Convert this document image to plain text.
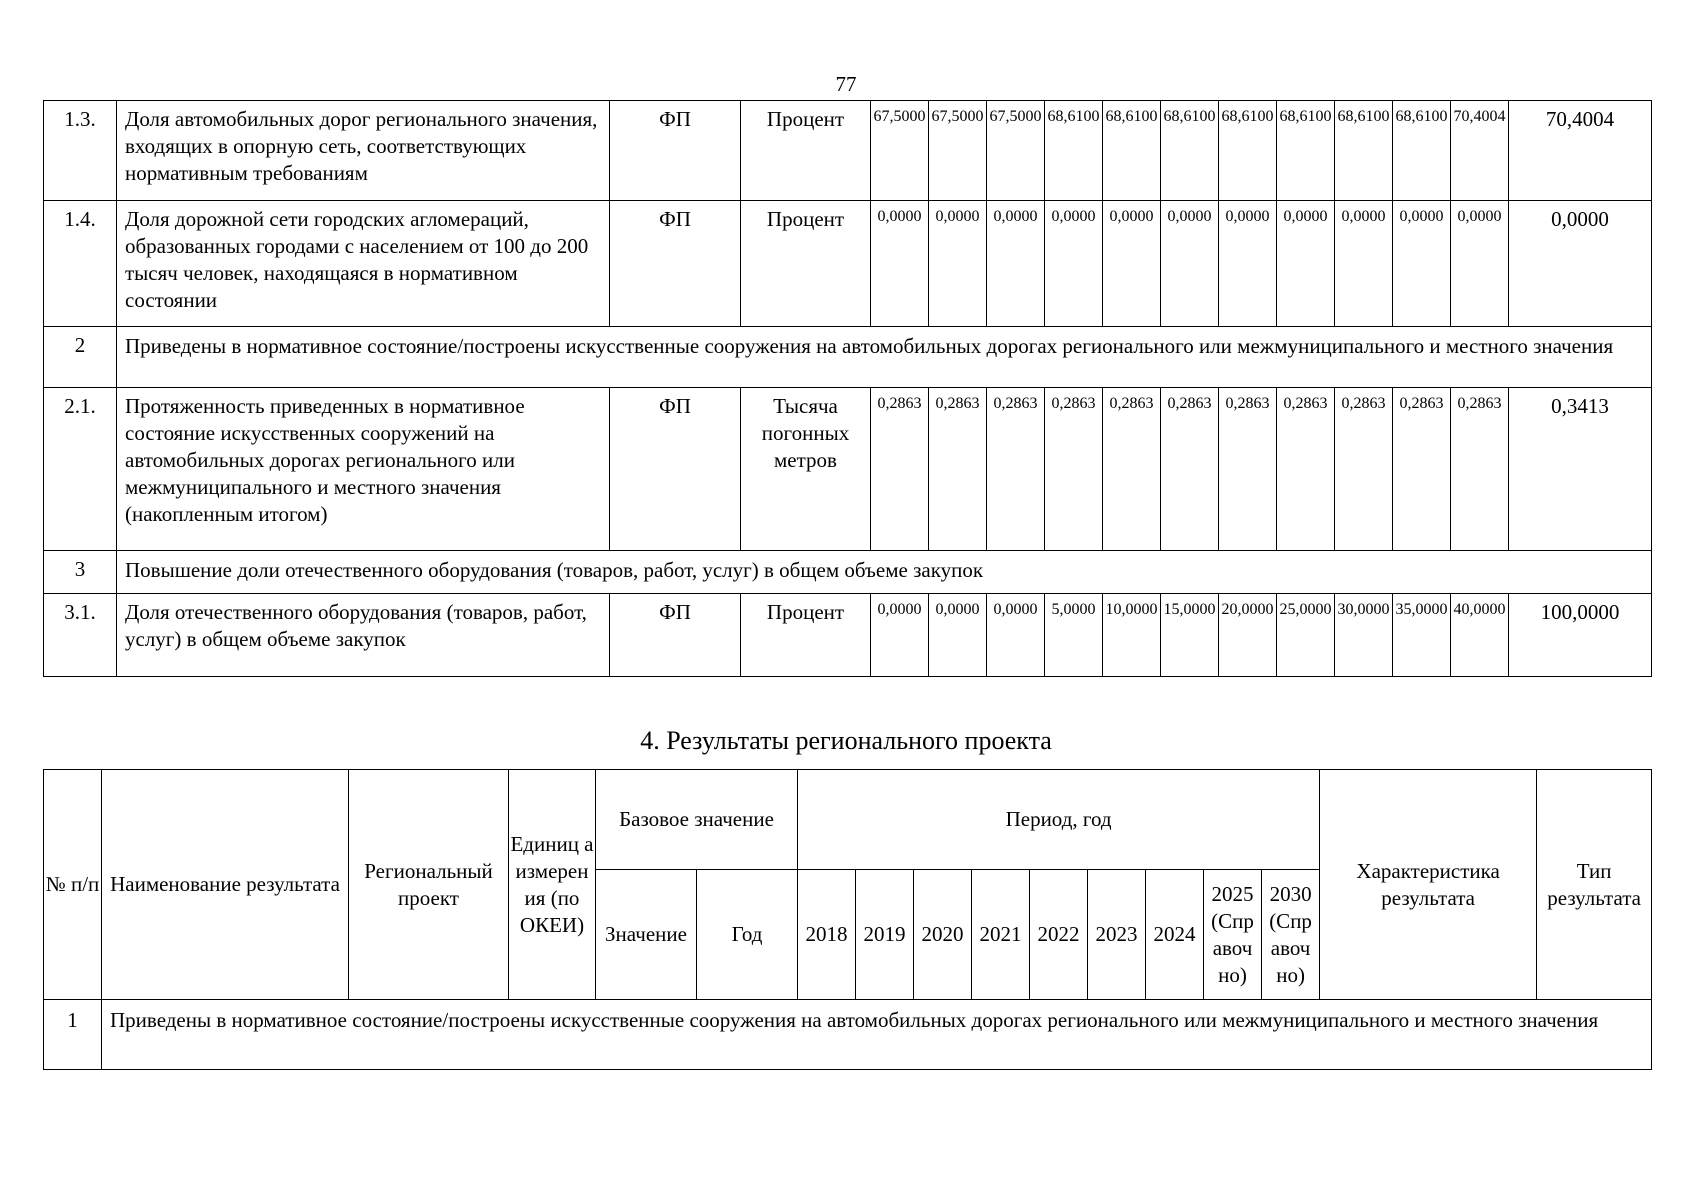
77
1.3.	Доля автомобильных дорог регионального значения, входящих в опорную сеть, соответствующих нормативным требованиям	ФП	Процент	67,5000	67,5000	67,5000	68,6100	68,6100	68,6100	68,6100	68,6100	68,6100	68,6100	70,4004	70,4004
1.4.	Доля дорожной сети городских агломераций, образованных городами с населением от 100 до 200 тысяч человек, находящаяся в нормативном состоянии	ФП	Процент	0,0000	0,0000	0,0000	0,0000	0,0000	0,0000	0,0000	0,0000	0,0000	0,0000	0,0000	0,0000
2	Приведены в нормативное состояние/построены искусственные сооружения на автомобильных дорогах регионального или межмуниципального и местного значения														
2.1.	Протяженность приведенных в нормативное состояние искусственных сооружений на автомобильных дорогах регионального или межмуниципального и местного значения (накопленным итогом)	ФП	Тысяча погонных метров	0,2863	0,2863	0,2863	0,2863	0,2863	0,2863	0,2863	0,2863	0,2863	0,2863	0,2863	0,3413
3	Повышение доли отечественного оборудования (товаров, работ, услуг) в общем объеме закупок														
3.1.	Доля отечественного оборудования (товаров, работ, услуг) в общем объеме закупок	ФП	Процент	0,0000	0,0000	0,0000	5,0000	10,0000	15,0000	20,0000	25,0000	30,0000	35,0000	40,0000	100,0000
4. Результаты регионального проекта
№ п/п	Наименование результата	Региональный проект	Единиц а измерен ия (по ОКЕИ)	Базовое значение		Период, год									Характеристика результата	Тип результата
				Значение	Год	2018	2019	2020	2021	2022	2023	2024	2025 (Спр авоч но)	2030 (Спр авоч но)		
1	Приведены в нормативное состояние/построены искусственные сооружения на автомобильных дорогах регионального или межмуниципального и местного значения															
